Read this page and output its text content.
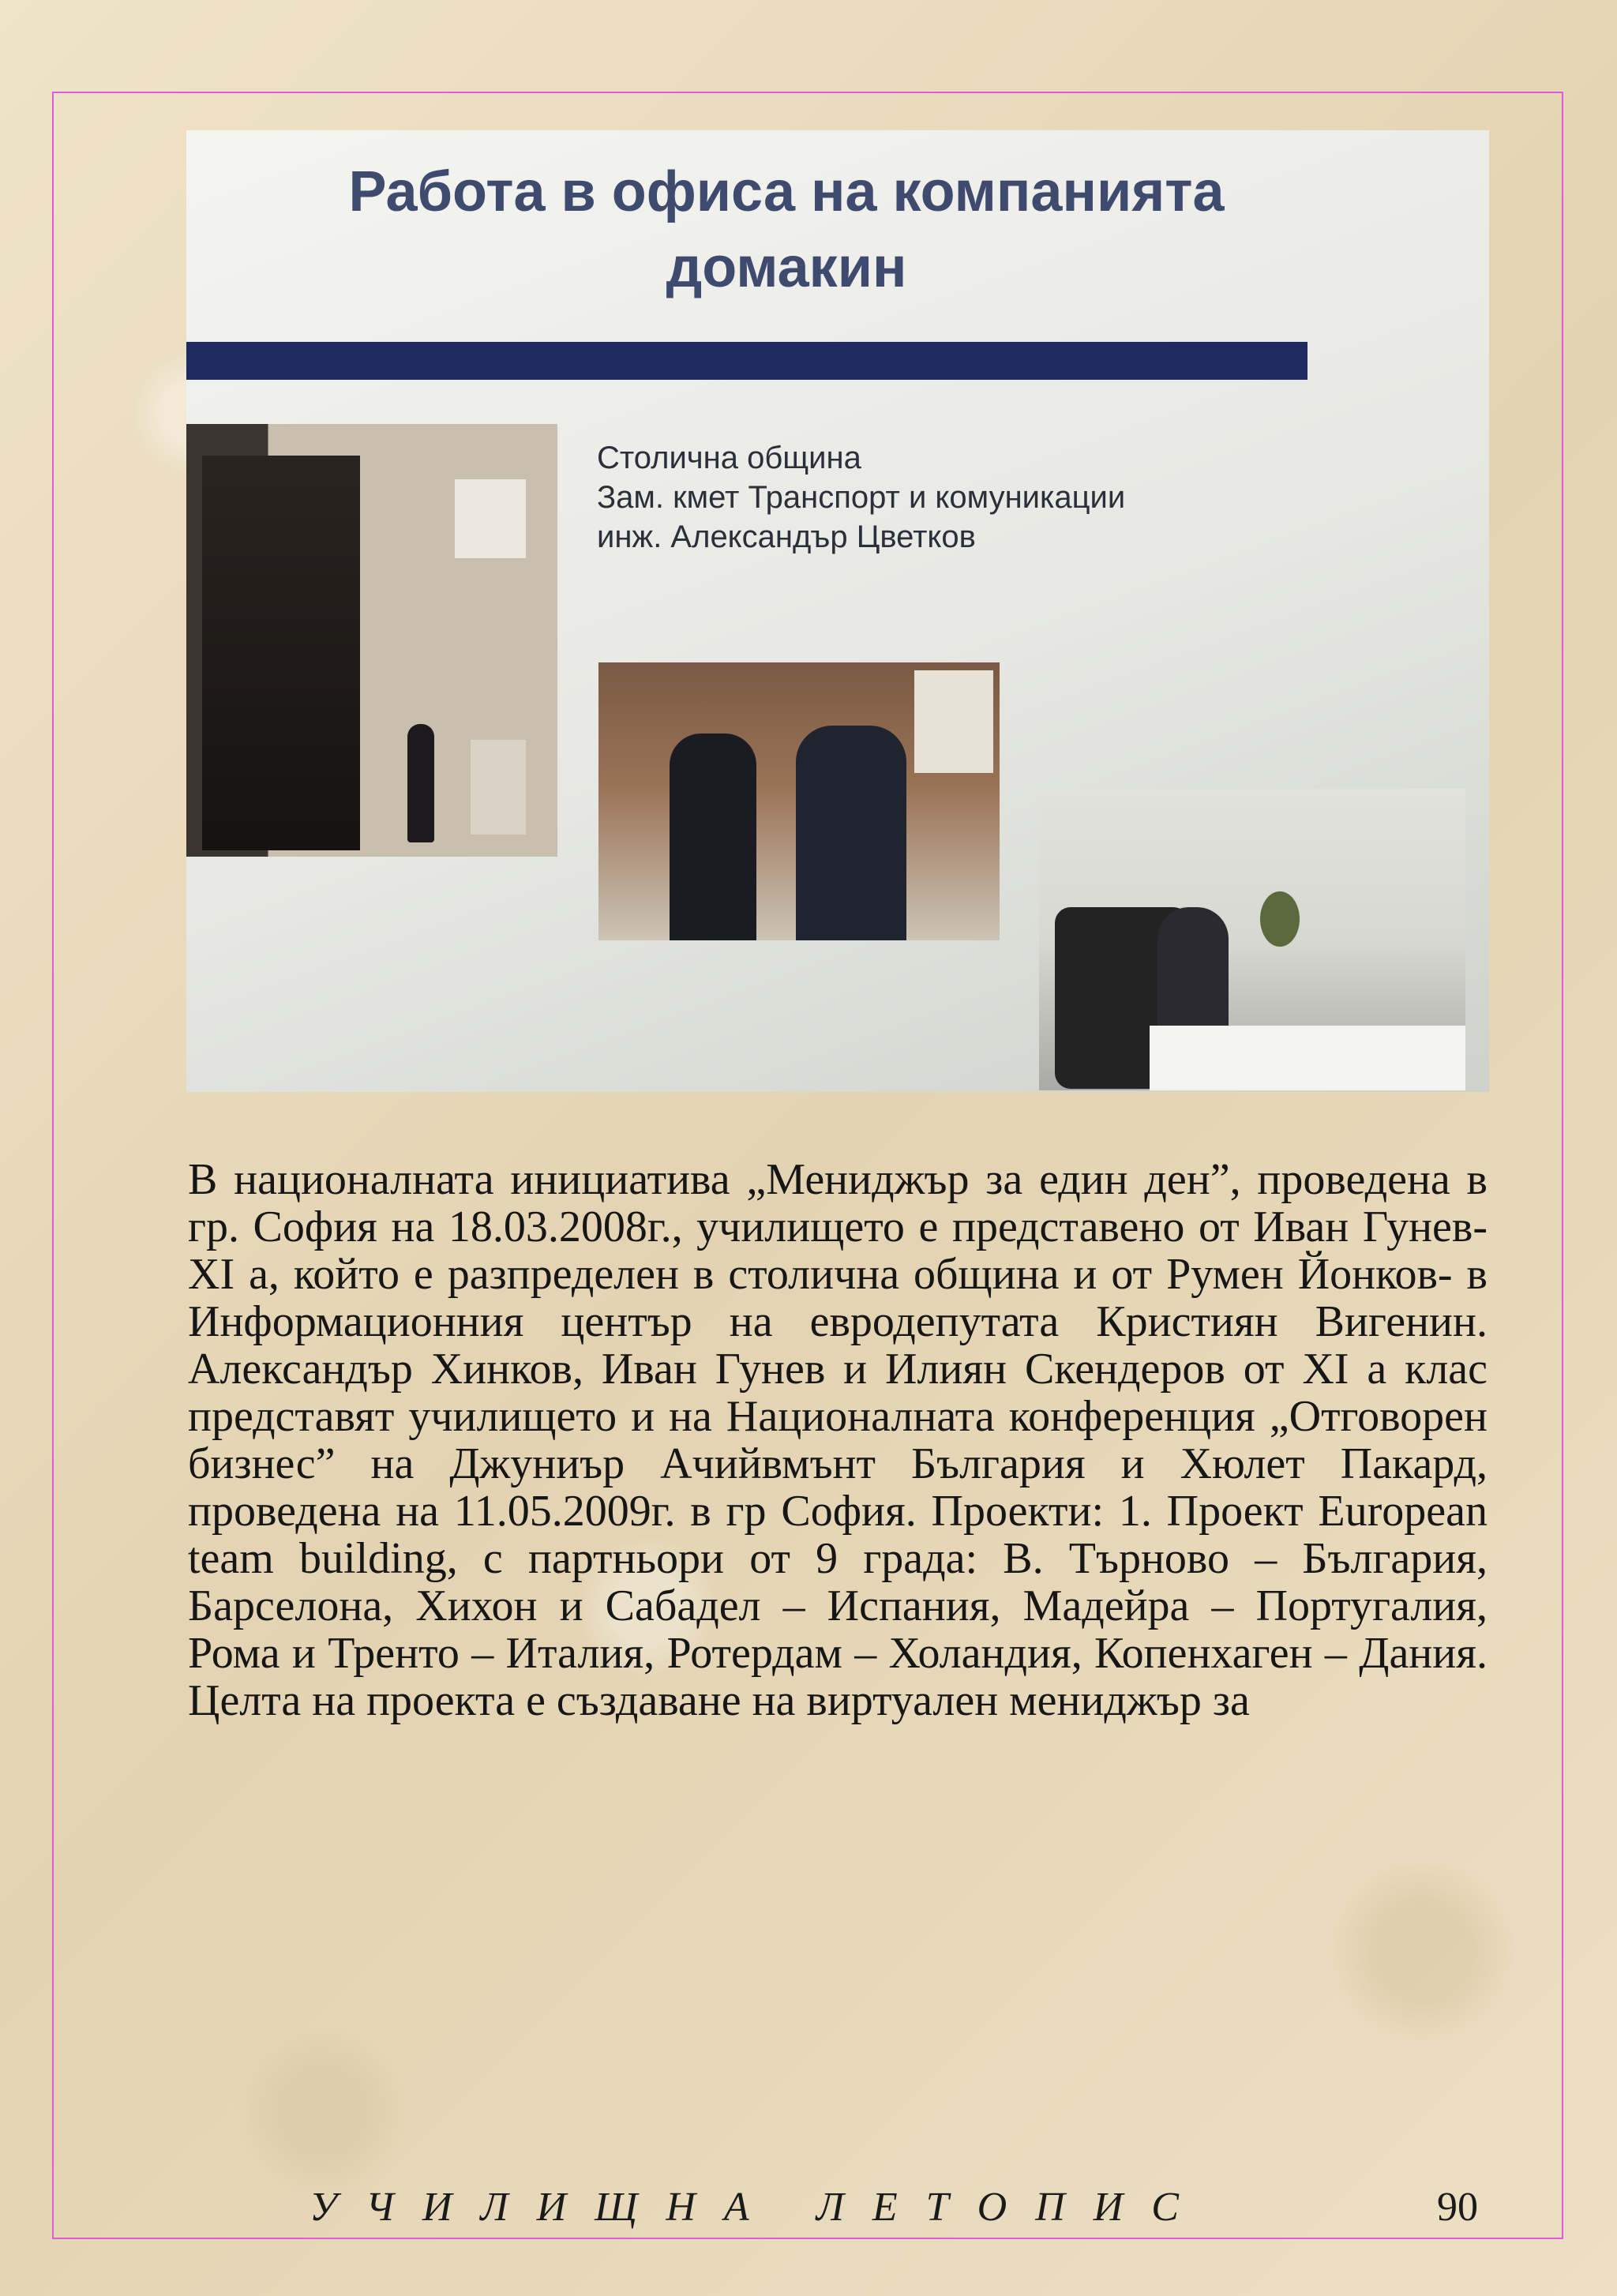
Работа в офиса на компанията
домакин
Столична община
Зам. кмет Транспорт и комуникации
инж. Александър Цветков

В националната инициатива „Мениджър за един ден”, проведена в гр. София на 18.03.2008г., училището е представено от Иван Гунев-XI а, който е разпределен в столична община и от Румен Йонков- в Информационния център на евродепутата Кристиян Вигенин. Александър Хинков, Иван Гунев и Илиян Скендеров от XI а клас представят училището и на Националната конференция „Отговорен бизнес” на Джуниър Ачийвмънт България и Хюлет Пакард, проведена на 11.05.2009г. в гр София. Проекти: 1. Проект European team building, с партньори от 9 града: В. Търново – България, Барселона, Хихон и Сабадел – Испания, Мадейра – Португалия, Рома и Тренто – Италия, Ротердам – Холандия, Копенхаген – Дания. Целта на проекта е създаване на виртуален мениджър за

УЧИЛИЩНА ЛЕТОПИС	90
